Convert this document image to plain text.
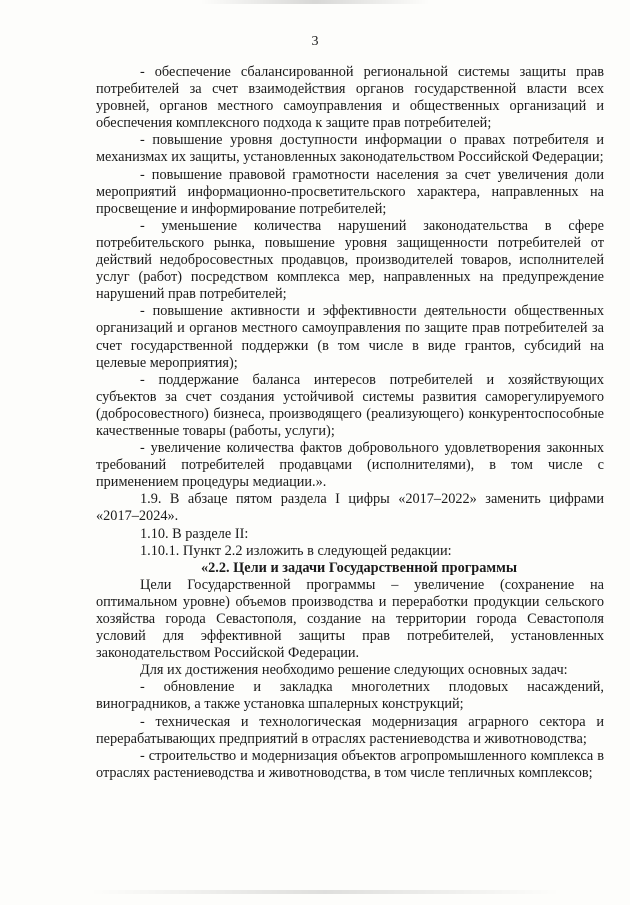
3

- обеспечение сбалансированной региональной системы защиты прав потребителей за счет взаимодействия органов государственной власти всех уровней, органов местного самоуправления и общественных организаций и обеспечения комплексного подхода к защите прав потребителей;

- повышение уровня доступности информации о правах потребителя и механизмах их защиты, установленных законодательством Российской Федерации;

- повышение правовой грамотности населения за счет увеличения доли мероприятий информационно-просветительского характера, направленных на просвещение и информирование потребителей;

- уменьшение количества нарушений законодательства в сфере потребительского рынка, повышение уровня защищенности потребителей от действий недобросовестных продавцов, производителей товаров, исполнителей услуг (работ) посредством комплекса мер, направленных на предупреждение нарушений прав потребителей;

- повышение активности и эффективности деятельности общественных организаций и органов местного самоуправления по защите прав потребителей за счет государственной поддержки (в том числе в виде грантов, субсидий на целевые мероприятия);

- поддержание баланса интересов потребителей и хозяйствующих субъектов за счет создания устойчивой системы развития саморегулируемого (добросовестного) бизнеса, производящего (реализующего) конкурентоспособные качественные товары (работы, услуги);

- увеличение количества фактов добровольного удовлетворения законных требований потребителей продавцами (исполнителями), в том числе с применением процедуры медиации.».

1.9. В абзаце пятом раздела I цифры «2017–2022» заменить цифрами «2017–2024».

1.10. В разделе II:

1.10.1. Пункт 2.2 изложить в следующей редакции:

«2.2. Цели и задачи Государственной программы

Цели Государственной программы – увеличение (сохранение на оптимальном уровне) объемов производства и переработки продукции сельского хозяйства города Севастополя, создание на территории города Севастополя условий для эффективной защиты прав потребителей, установленных законодательством Российской Федерации.

Для их достижения необходимо решение следующих основных задач:

- обновление и закладка многолетних плодовых насаждений, виноградников, а также установка шпалерных конструкций;

- техническая и технологическая модернизация аграрного сектора и перерабатывающих предприятий в отраслях растениеводства и животноводства;

- строительство и модернизация объектов агропромышленного комплекса в отраслях растениеводства и животноводства, в том числе тепличных комплексов;
